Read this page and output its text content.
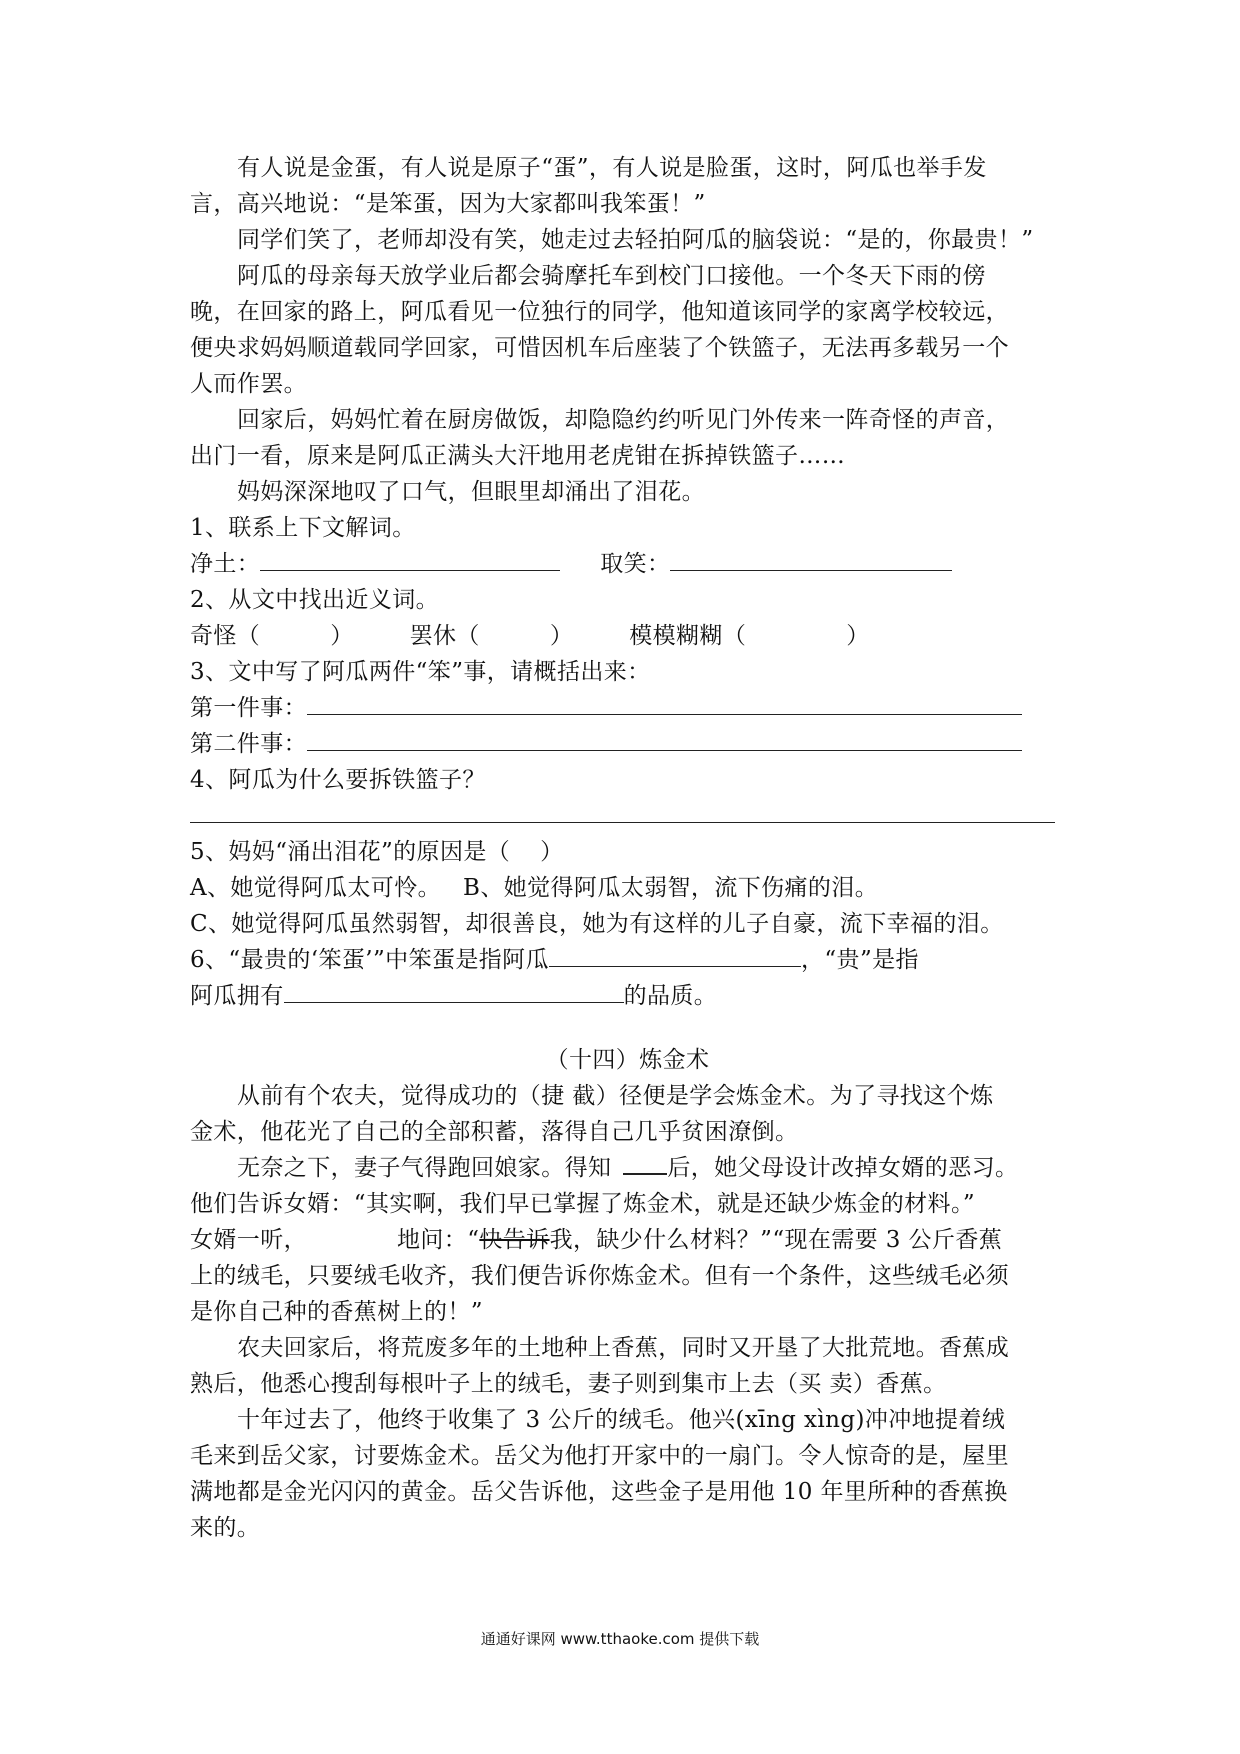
有人说是金蛋，有人说是原子“蛋”，有人说是脸蛋，这时，阿瓜也举手发
言，高兴地说：“是笨蛋，因为大家都叫我笨蛋！”
同学们笑了，老师却没有笑，她走过去轻拍阿瓜的脑袋说：“是的，你最贵！”
阿瓜的母亲每天放学业后都会骑摩托车到校门口接他。一个冬天下雨的傍
晚，在回家的路上，阿瓜看见一位独行的同学，他知道该同学的家离学校较远，
便央求妈妈顺道载同学回家，可惜因机车后座装了个铁篮子，无法再多载另一个
人而作罢。
回家后，妈妈忙着在厨房做饭，却隐隐约约听见门外传来一阵奇怪的声音，
出门一看，原来是阿瓜正满头大汗地用老虎钳在拆掉铁篮子……
妈妈深深地叹了口气，但眼里却涌出了泪花。
1、联系上下文解词。
净土：	取笑：
2、从文中找出近义词。
奇怪（	） 罢休（	） 模模糊糊（	）
3、文中写了阿瓜两件“笨”事，请概括出来：
第一件事：
第二件事：
4、阿瓜为什么要拆铁篮子？
5、妈妈“涌出泪花”的原因是（ ）
A、她觉得阿瓜太可怜。 B、她觉得阿瓜太弱智，流下伤痛的泪。
C、她觉得阿瓜虽然弱智，却很善良，她为有这样的儿子自豪，流下幸福的泪。
6、“最贵的‘笨蛋’”中笨蛋是指阿瓜	，“贵”是指
阿瓜拥有	的品质。
（十四）炼金术
从前有个农夫，觉得成功的（捷 截）径便是学会炼金术。为了寻找这个炼
金术，他花光了自己的全部积蓄，落得自己几乎贫困潦倒。
无奈之下，妻子气得跑回娘家。得知 后，她父母设计改掉女婿的恶习。
他们告诉女婿：“其实啊，我们早已掌握了炼金术，就是还缺少炼金的材料。”
女婿一听，	地问：“快告诉我，缺少什么材料？”“现在需要 3 公斤香蕉
上的绒毛，只要绒毛收齐，我们便告诉你炼金术。但有一个条件，这些绒毛必须
是你自己种的香蕉树上的！”
农夫回家后，将荒废多年的土地种上香蕉，同时又开垦了大批荒地。香蕉成
熟后，他悉心搜刮每根叶子上的绒毛，妻子则到集市上去（买 卖）香蕉。
十年过去了，他终于收集了 3 公斤的绒毛。他兴(xīng xìng)冲冲地提着绒
毛来到岳父家，讨要炼金术。岳父为他打开家中的一扇门。令人惊奇的是，屋里
满地都是金光闪闪的黄金。岳父告诉他，这些金子是用他 10 年里所种的香蕉换
来的。
通通好课网 www.tthaoke.com 提供下载
